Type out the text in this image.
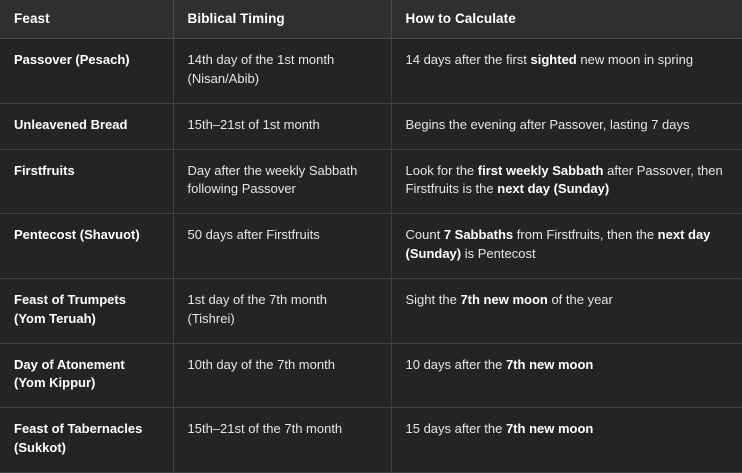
Feast	Biblical Timing	How to Calculate
Passover (Pesach)	14th day of the 1st month (Nisan/Abib)	14 days after the first sighted new moon in spring
Unleavened Bread	15th–21st of 1st month	Begins the evening after Passover, lasting 7 days
Firstfruits	Day after the weekly Sabbath following Passover	Look for the first weekly Sabbath after Passover, then Firstfruits is the next day (Sunday)
Pentecost (Shavuot)	50 days after Firstfruits	Count 7 Sabbaths from Firstfruits, then the next day (Sunday) is Pentecost
Feast of Trumpets (Yom Teruah)	1st day of the 7th month (Tishrei)	Sight the 7th new moon of the year
Day of Atonement (Yom Kippur)	10th day of the 7th month	10 days after the 7th new moon
Feast of Tabernacles (Sukkot)	15th–21st of the 7th month	15 days after the 7th new moon
